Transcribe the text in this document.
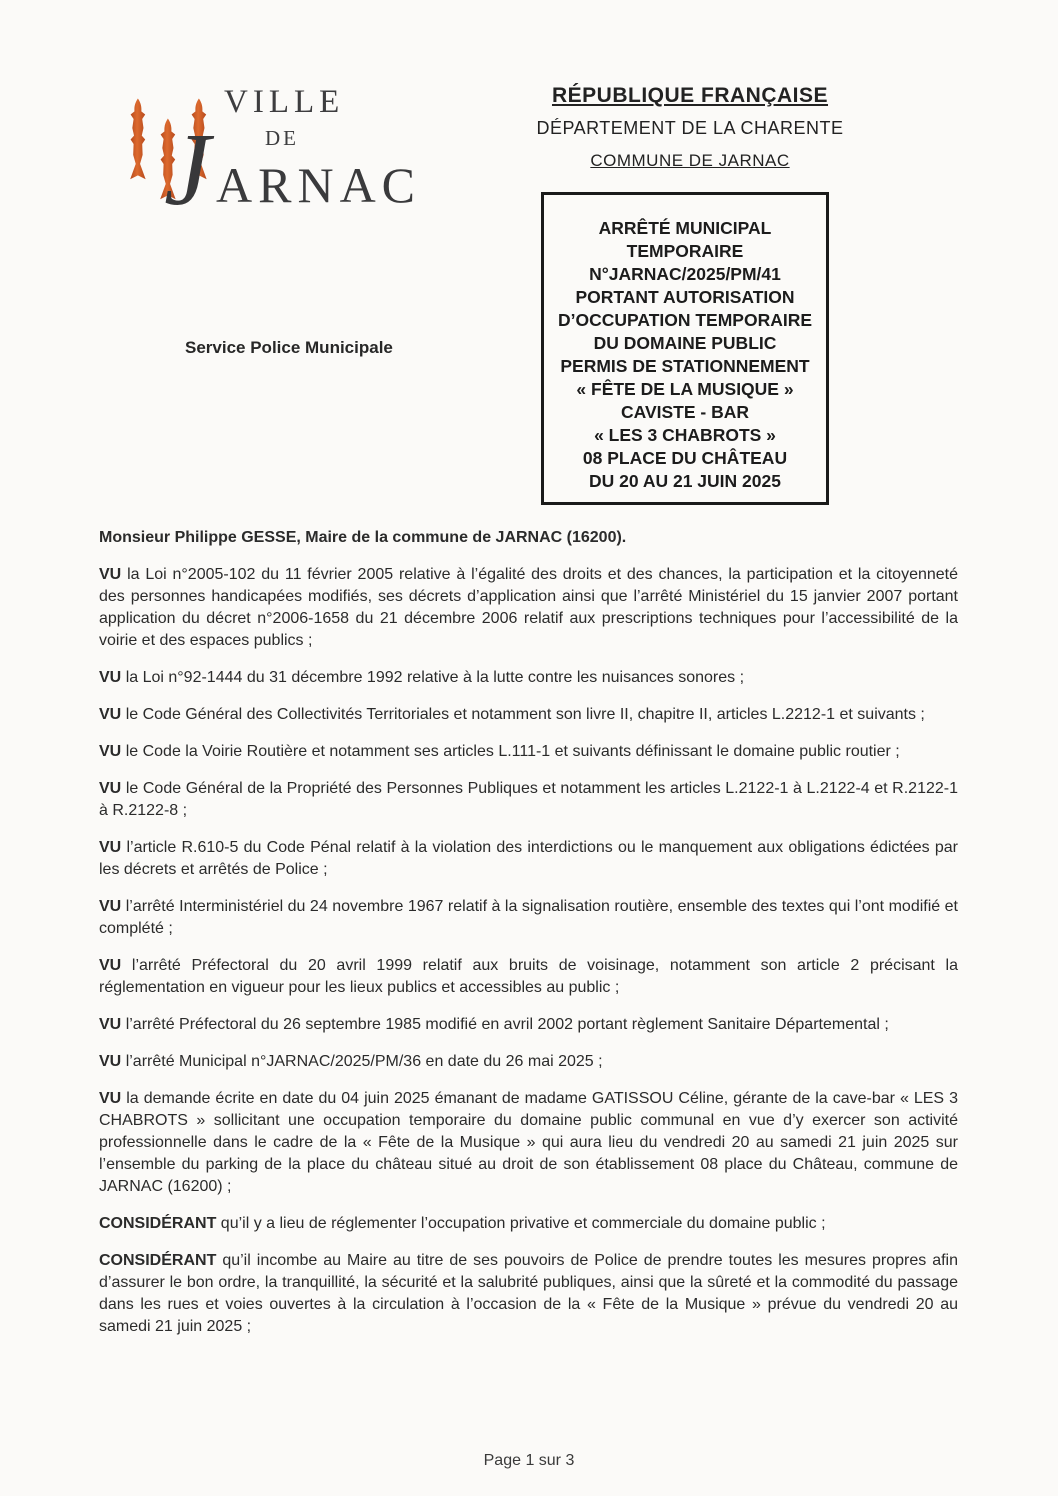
VILLE
DE
J ARNAC
RÉPUBLIQUE FRANÇAISE
DÉPARTEMENT DE LA CHARENTE
COMMUNE DE JARNAC
ARRÊTÉ MUNICIPAL
TEMPORAIRE
N°JARNAC/2025/PM/41
PORTANT AUTORISATION
D’OCCUPATION TEMPORAIRE
DU DOMAINE PUBLIC
PERMIS DE STATIONNEMENT
« FÊTE DE LA MUSIQUE »
CAVISTE - BAR
« LES 3 CHABROTS »
08 PLACE DU CHÂTEAU
DU 20 AU 21 JUIN 2025
Service Police Municipale

Monsieur Philippe GESSE, Maire de la commune de JARNAC (16200).

VU la Loi n°2005-102 du 11 février 2005 relative à l’égalité des droits et des chances, la participation et la citoyenneté des personnes handicapées modifiés, ses décrets d’application ainsi que l’arrêté Ministériel du 15 janvier 2007 portant application du décret n°2006-1658 du 21 décembre 2006 relatif aux prescriptions techniques pour l’accessibilité de la voirie et des espaces publics ;

VU la Loi n°92-1444 du 31 décembre 1992 relative à la lutte contre les nuisances sonores ;

VU le Code Général des Collectivités Territoriales et notamment son livre II, chapitre II, articles L.2212-1 et suivants ;

VU le Code la Voirie Routière et notamment ses articles L.111-1 et suivants définissant le domaine public routier ;

VU le Code Général de la Propriété des Personnes Publiques et notamment les articles L.2122-1 à L.2122-4 et R.2122-1 à R.2122-8 ;

VU l’article R.610-5 du Code Pénal relatif à la violation des interdictions ou le manquement aux obligations édictées par les décrets et arrêtés de Police ;

VU l’arrêté Interministériel du 24 novembre 1967 relatif à la signalisation routière, ensemble des textes qui l’ont modifié et complété ;

VU l’arrêté Préfectoral du 20 avril 1999 relatif aux bruits de voisinage, notamment son article 2 précisant la réglementation en vigueur pour les lieux publics et accessibles au public ;

VU l’arrêté Préfectoral du 26 septembre 1985 modifié en avril 2002 portant règlement Sanitaire Départemental ;

VU l’arrêté Municipal n°JARNAC/2025/PM/36 en date du 26 mai 2025 ;

VU la demande écrite en date du 04 juin 2025 émanant de madame GATISSOU Céline, gérante de la cave-bar « LES 3 CHABROTS » sollicitant une occupation temporaire du domaine public communal en vue d’y exercer son activité professionnelle dans le cadre de la « Fête de la Musique » qui aura lieu du vendredi 20 au samedi 21 juin 2025 sur l’ensemble du parking de la place du château situé au droit de son établissement 08 place du Château, commune de JARNAC (16200) ;

CONSIDÉRANT qu’il y a lieu de réglementer l’occupation privative et commerciale du domaine public ;

CONSIDÉRANT qu’il incombe au Maire au titre de ses pouvoirs de Police de prendre toutes les mesures propres afin d’assurer le bon ordre, la tranquillité, la sécurité et la salubrité publiques, ainsi que la sûreté et la commodité du passage dans les rues et voies ouvertes à la circulation à l’occasion de la « Fête de la Musique » prévue du vendredi 20 au samedi 21 juin 2025 ;

Page 1 sur 3
